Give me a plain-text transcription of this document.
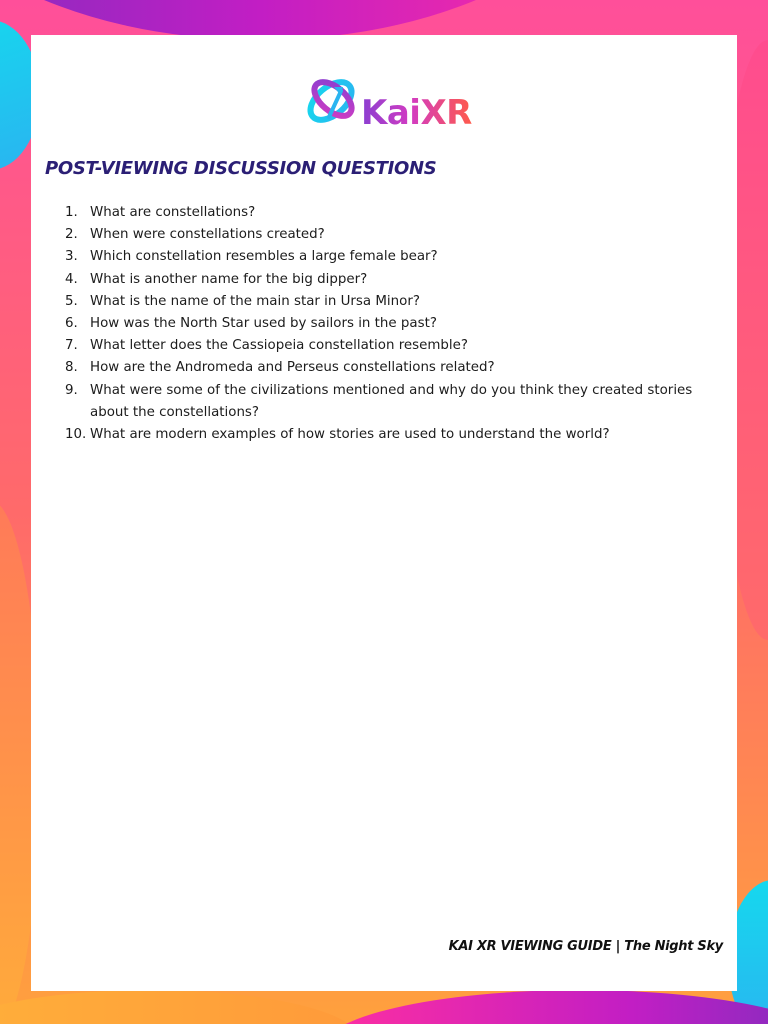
KaiXR
POST-VIEWING DISCUSSION QUESTIONS
1. What are constellations?
2. When were constellations created?
3. Which constellation resembles a large female bear?
4. What is another name for the big dipper?
5. What is the name of the main star in Ursa Minor?
6. How was the North Star used by sailors in the past?
7. What letter does the Cassiopeia constellation resemble?
8. How are the Andromeda and Perseus constellations related?
9. What were some of the civilizations mentioned and why do you think they created stories about the constellations?
10. What are modern examples of how stories are used to understand the world?
KAI XR VIEWING GUIDE | The Night Sky
